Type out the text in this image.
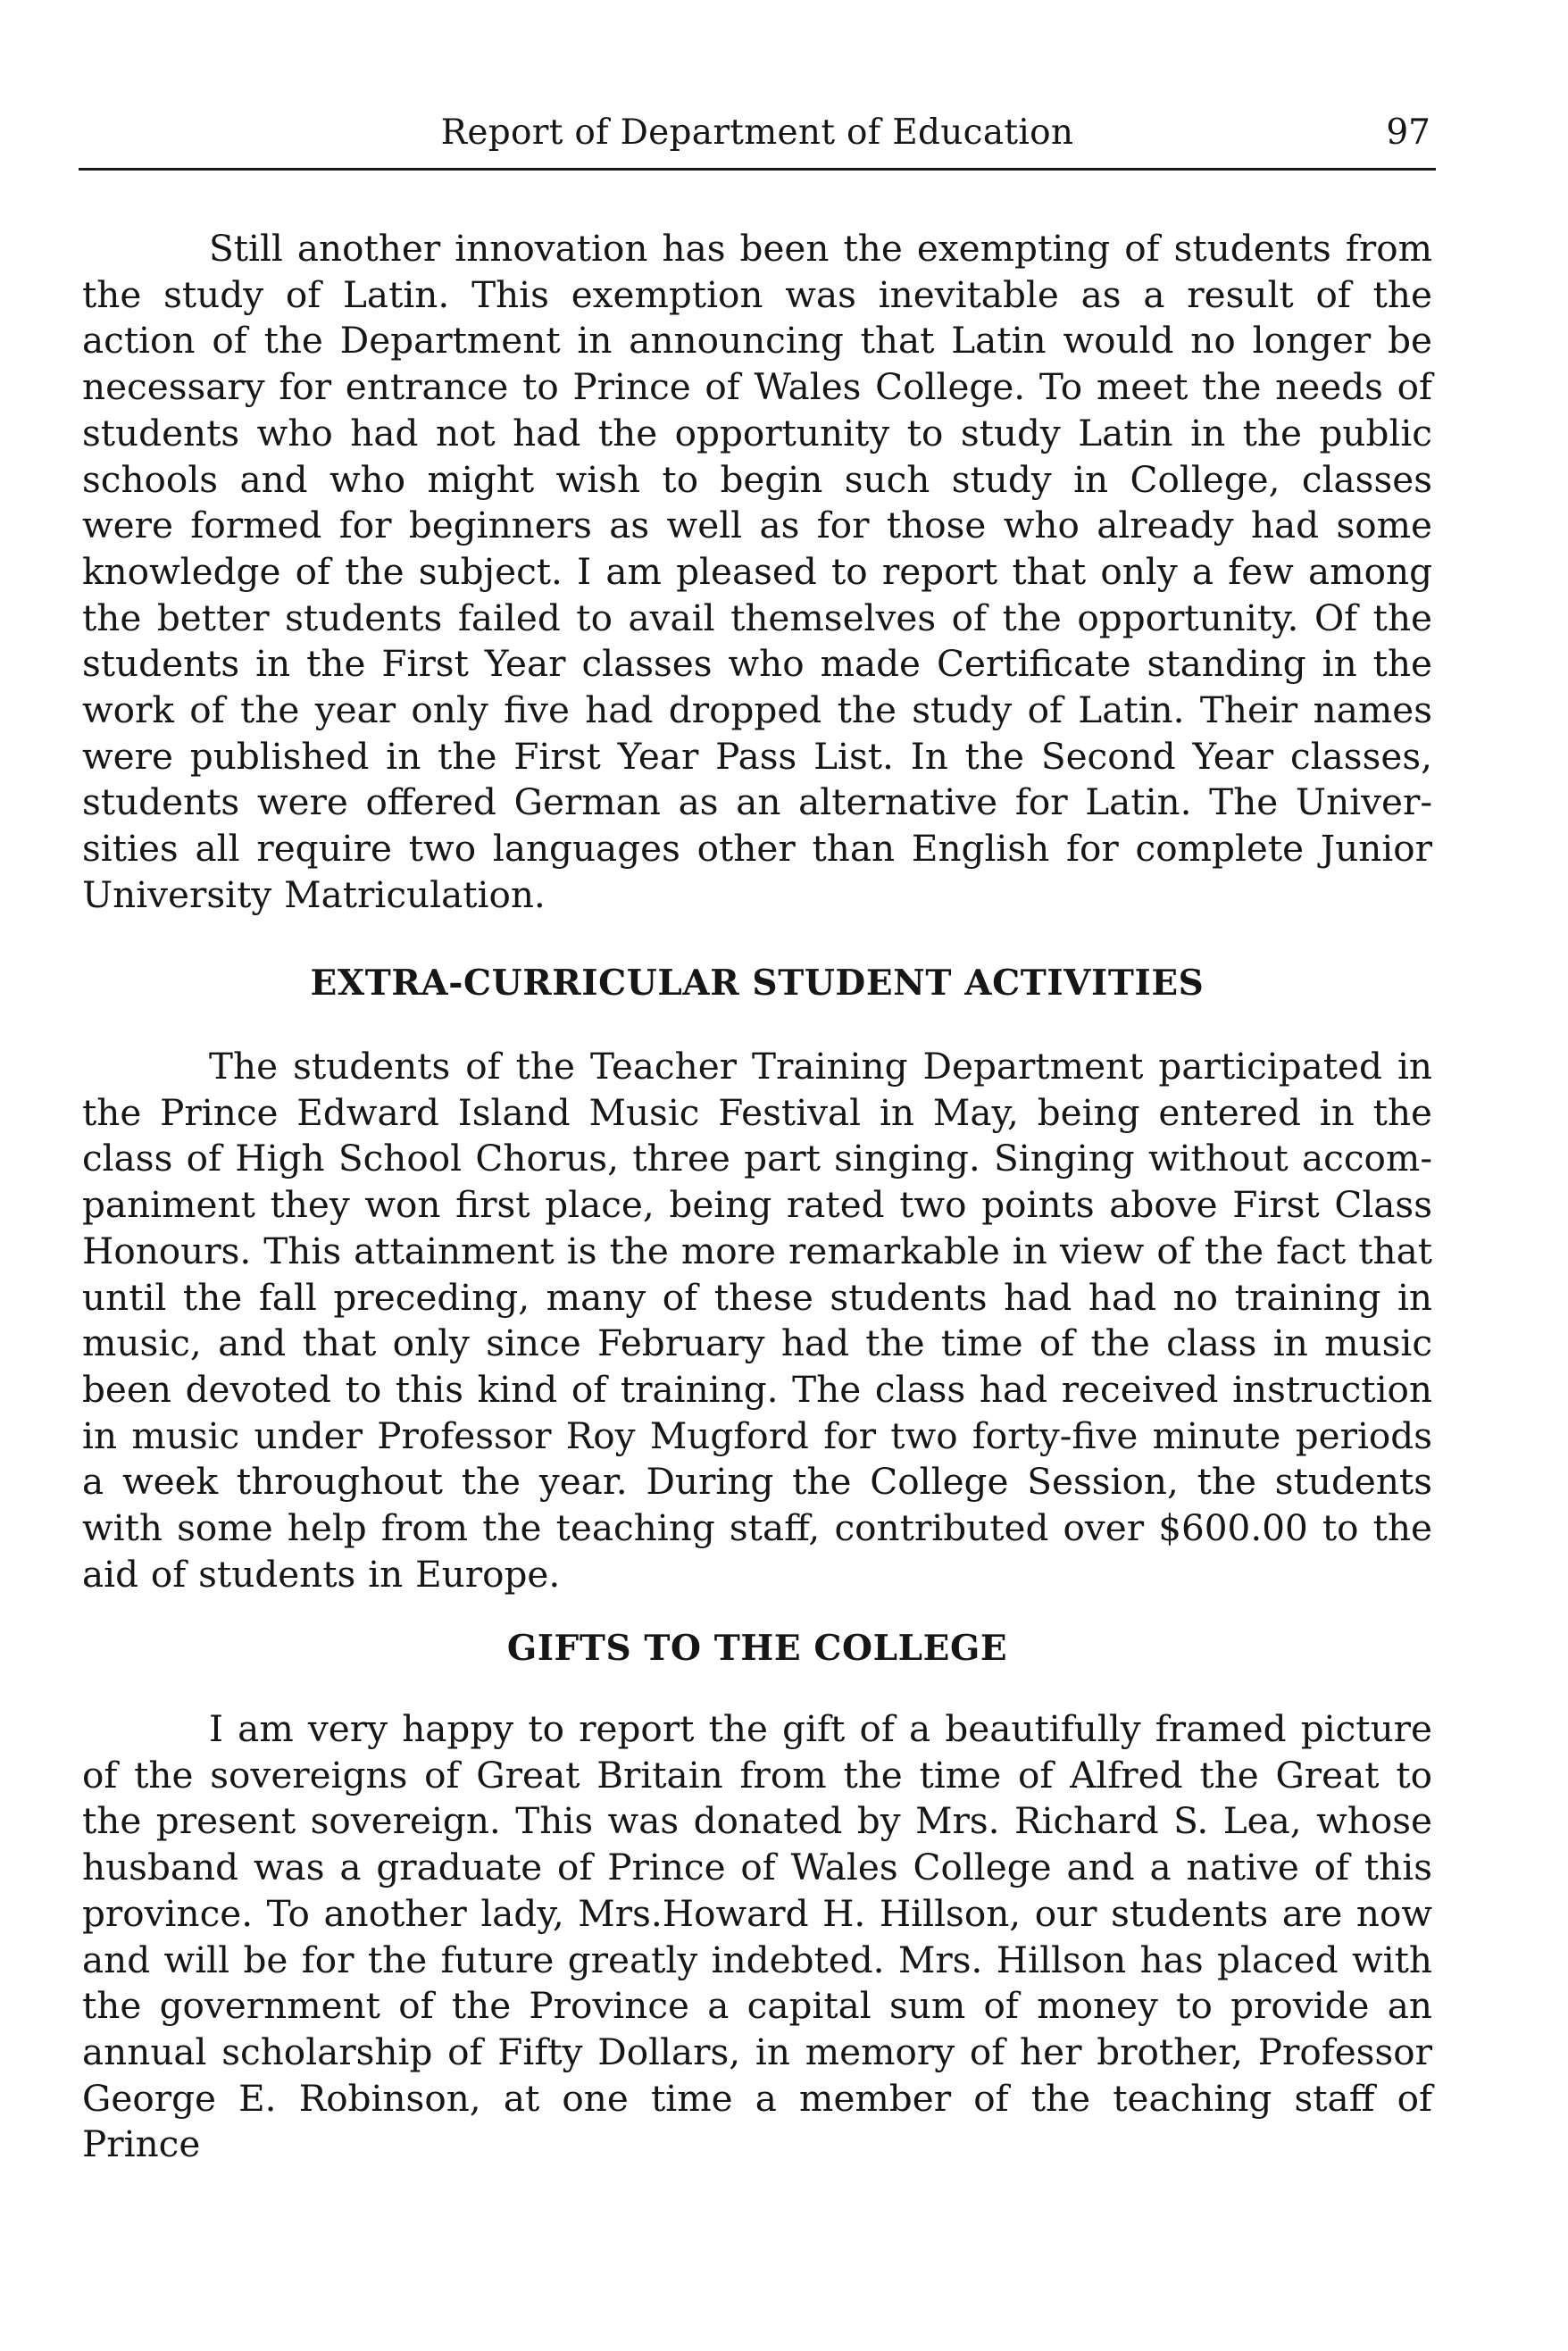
Report of Department of Education	97

Still another innovation has been the exempting of students from the study of Latin. This exemption was inevitable as a result of the action of the Department in announcing that Latin would no longer be necessary for entrance to Prince of Wales College. To meet the needs of students who had not had the opportunity to study Latin in the public schools and who might wish to begin such study in College, classes were formed for beginners as well as for those who already had some knowledge of the subject. I am pleased to report that only a few among the better students failed to avail themselves of the opportunity. Of the students in the First Year classes who made Certificate standing in the work of the year only five had dropped the study of Latin. Their names were published in the First Year Pass List. In the Second Year classes, students were offered German as an alternative for Latin. The Universities all require two languages other than English for complete Junior University Matriculation.

EXTRA-CURRICULAR STUDENT ACTIVITIES

The students of the Teacher Training Department participated in the Prince Edward Island Music Festival in May, being entered in the class of High School Chorus, three part singing. Singing without accompaniment they won first place, being rated two points above First Class Honours. This attainment is the more remarkable in view of the fact that until the fall preceding, many of these students had had no training in music, and that only since February had the time of the class in music been devoted to this kind of training. The class had received instruction in music under Professor Roy Mugford for two forty-five minute periods a week throughout the year. During the College Session, the students with some help from the teaching staff, contributed over $600.00 to the aid of students in Europe.

GIFTS TO THE COLLEGE

I am very happy to report the gift of a beautifully framed picture of the sovereigns of Great Britain from the time of Alfred the Great to the present sovereign. This was donated by Mrs. Richard S. Lea, whose husband was a graduate of Prince of Wales College and a native of this province. To another lady, Mrs.Howard H. Hillson, our students are now and will be for the future greatly indebted. Mrs. Hillson has placed with the government of the Province a capital sum of money to provide an annual scholarship of Fifty Dollars, in memory of her brother, Professor George E. Robinson, at one time a member of the teaching staff of Prince
